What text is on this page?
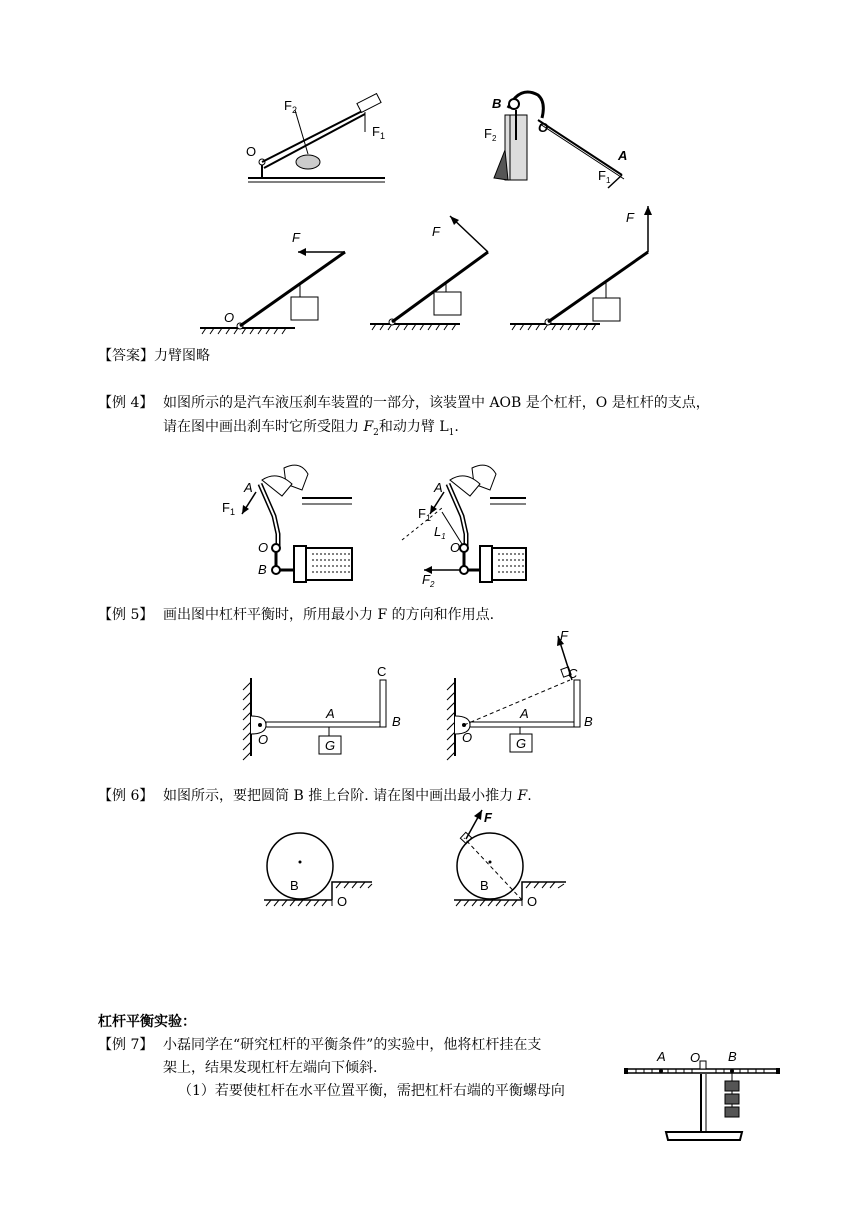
$F_2$
$F_1$
O
B
O
A
$F_1$
$F_2$
F
O
F
F
【答案】力臂图略
【例 4】 如图所示的是汽车液压刹车装置的一部分，该装置中 AOB 是个杠杆，O 是杠杆的支点，
请在图中画出刹车时它所受阻力 $F_2$和动力臂 $L_1$.
A
$F_1$
O
B
A
$F_1$
$L_1$
O
$F_2$
【例 5】 画出图中杠杆平衡时，所用最小力 F 的方向和作用点.
C
A
B
O	G
F
C
A
B
O	G
【例 6】 如图所示，要把圆筒 B 推上台阶. 请在图中画出最小推力 F.
B
O
B
O
F
杠杆平衡实验：
【例 7】 小磊同学在“研究杠杆的平衡条件”的实验中，他将杠杆挂在支
架上，结果发现杠杆左端向下倾斜.
（1）若要使杠杆在水平位置平衡，需把杠杆右端的平衡螺母向
A O B
